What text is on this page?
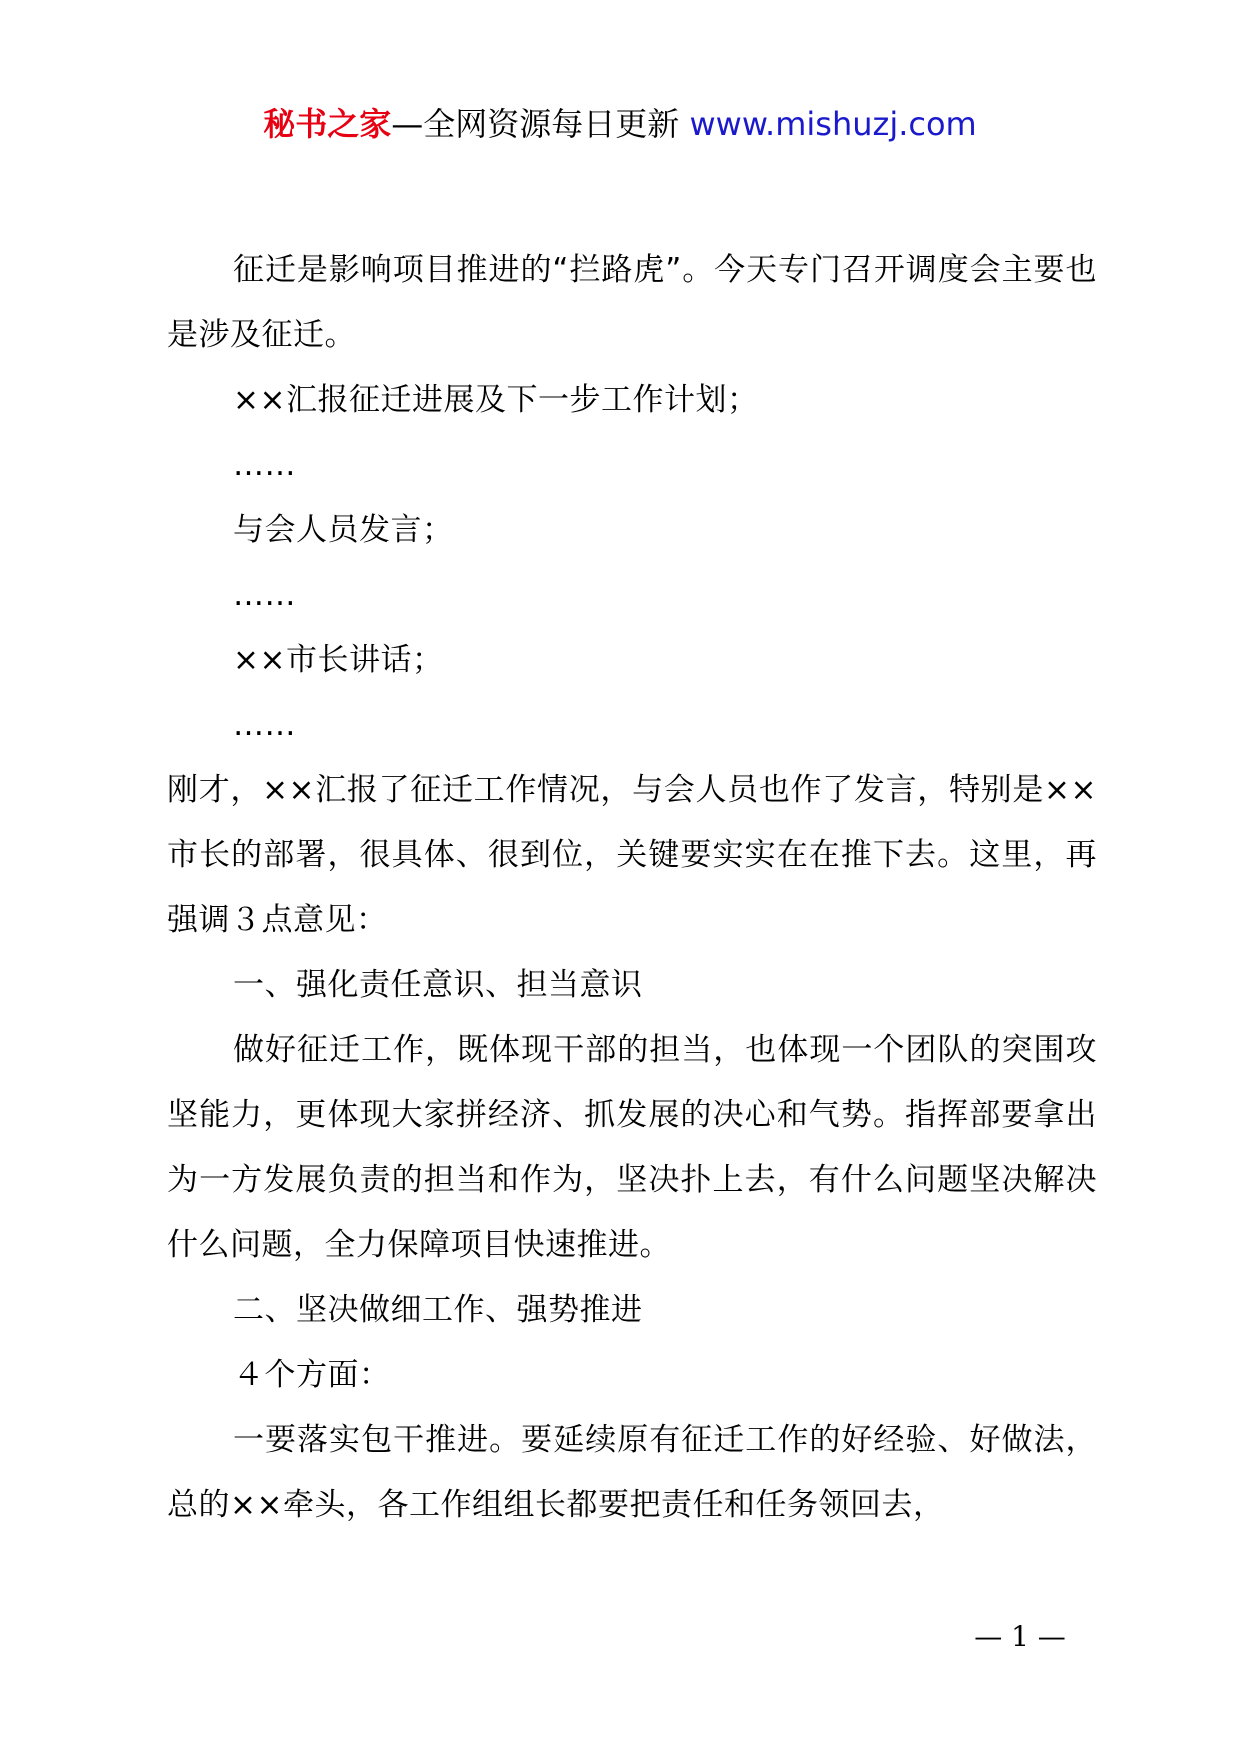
秘书之家—全网资源每日更新 www.mishuzj.com

征迁是影响项目推进的“拦路虎”。今天专门召开调度会主要也是涉及征迁。

××汇报征迁进展及下一步工作计划；

……

与会人员发言；

……

××市长讲话；

……

刚才，××汇报了征迁工作情况，与会人员也作了发言，特别是××市长的部署，很具体、很到位，关键要实实在在推下去。这里，再强调３点意见：

一、强化责任意识、担当意识

做好征迁工作，既体现干部的担当，也体现一个团队的突围攻坚能力，更体现大家拼经济、抓发展的决心和气势。指挥部要拿出为一方发展负责的担当和作为，坚决扑上去，有什么问题坚决解决什么问题，全力保障项目快速推进。

二、坚决做细工作、强势推进

４个方面：

一要落实包干推进。要延续原有征迁工作的好经验、好做法，总的××牵头，各工作组组长都要把责任和任务领回去，

— 1 —
